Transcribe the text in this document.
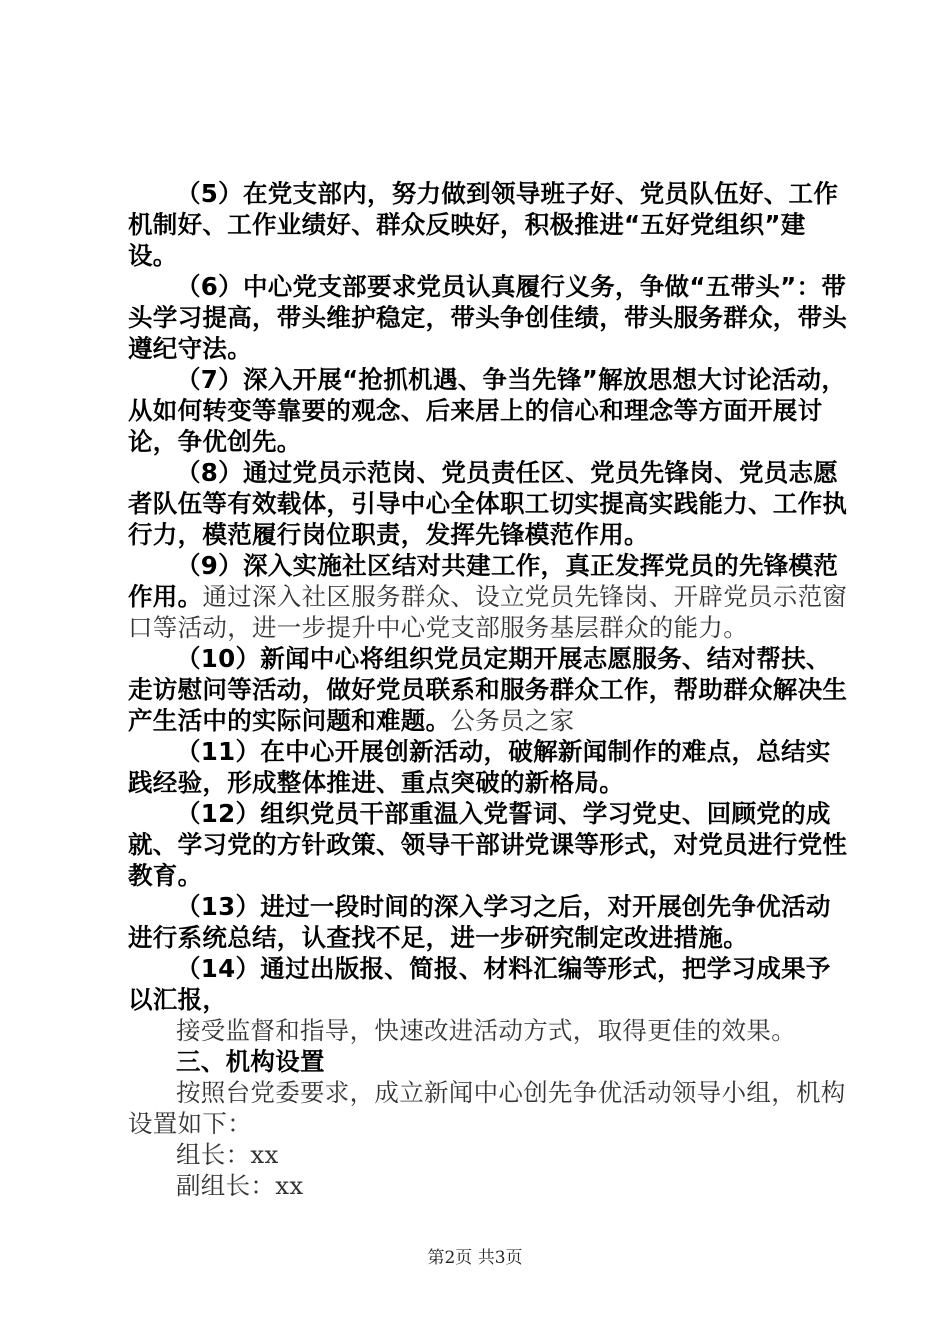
（5）在党支部内，努力做到领导班子好、党员队伍好、工作机制好、工作业绩好、群众反映好，积极推进“五好党组织”建设。

（6）中心党支部要求党员认真履行义务，争做“五带头”：带头学习提高，带头维护稳定，带头争创佳绩，带头服务群众，带头遵纪守法。

（7）深入开展“抢抓机遇、争当先锋”解放思想大讨论活动，从如何转变等靠要的观念、后来居上的信心和理念等方面开展讨论，争优创先。

（8）通过党员示范岗、党员责任区、党员先锋岗、党员志愿者队伍等有效载体，引导中心全体职工切实提高实践能力、工作执行力，模范履行岗位职责，发挥先锋模范作用。

（9）深入实施社区结对共建工作，真正发挥党员的先锋模范作用。通过深入社区服务群众、设立党员先锋岗、开辟党员示范窗口等活动，进一步提升中心党支部服务基层群众的能力。

（10）新闻中心将组织党员定期开展志愿服务、结对帮扶、走访慰问等活动，做好党员联系和服务群众工作，帮助群众解决生产生活中的实际问题和难题。公务员之家

（11）在中心开展创新活动，破解新闻制作的难点，总结实践经验，形成整体推进、重点突破的新格局。

（12）组织党员干部重温入党誓词、学习党史、回顾党的成就、学习党的方针政策、领导干部讲党课等形式，对党员进行党性教育。

（13）进过一段时间的深入学习之后，对开展创先争优活动进行系统总结，认查找不足，进一步研究制定改进措施。

（14）通过出版报、简报、材料汇编等形式，把学习成果予以汇报，

接受监督和指导，快速改进活动方式，取得更佳的效果。

三、机构设置

按照台党委要求，成立新闻中心创先争优活动领导小组，机构设置如下：

组长：xx

副组长：xx

第2页 共3页
